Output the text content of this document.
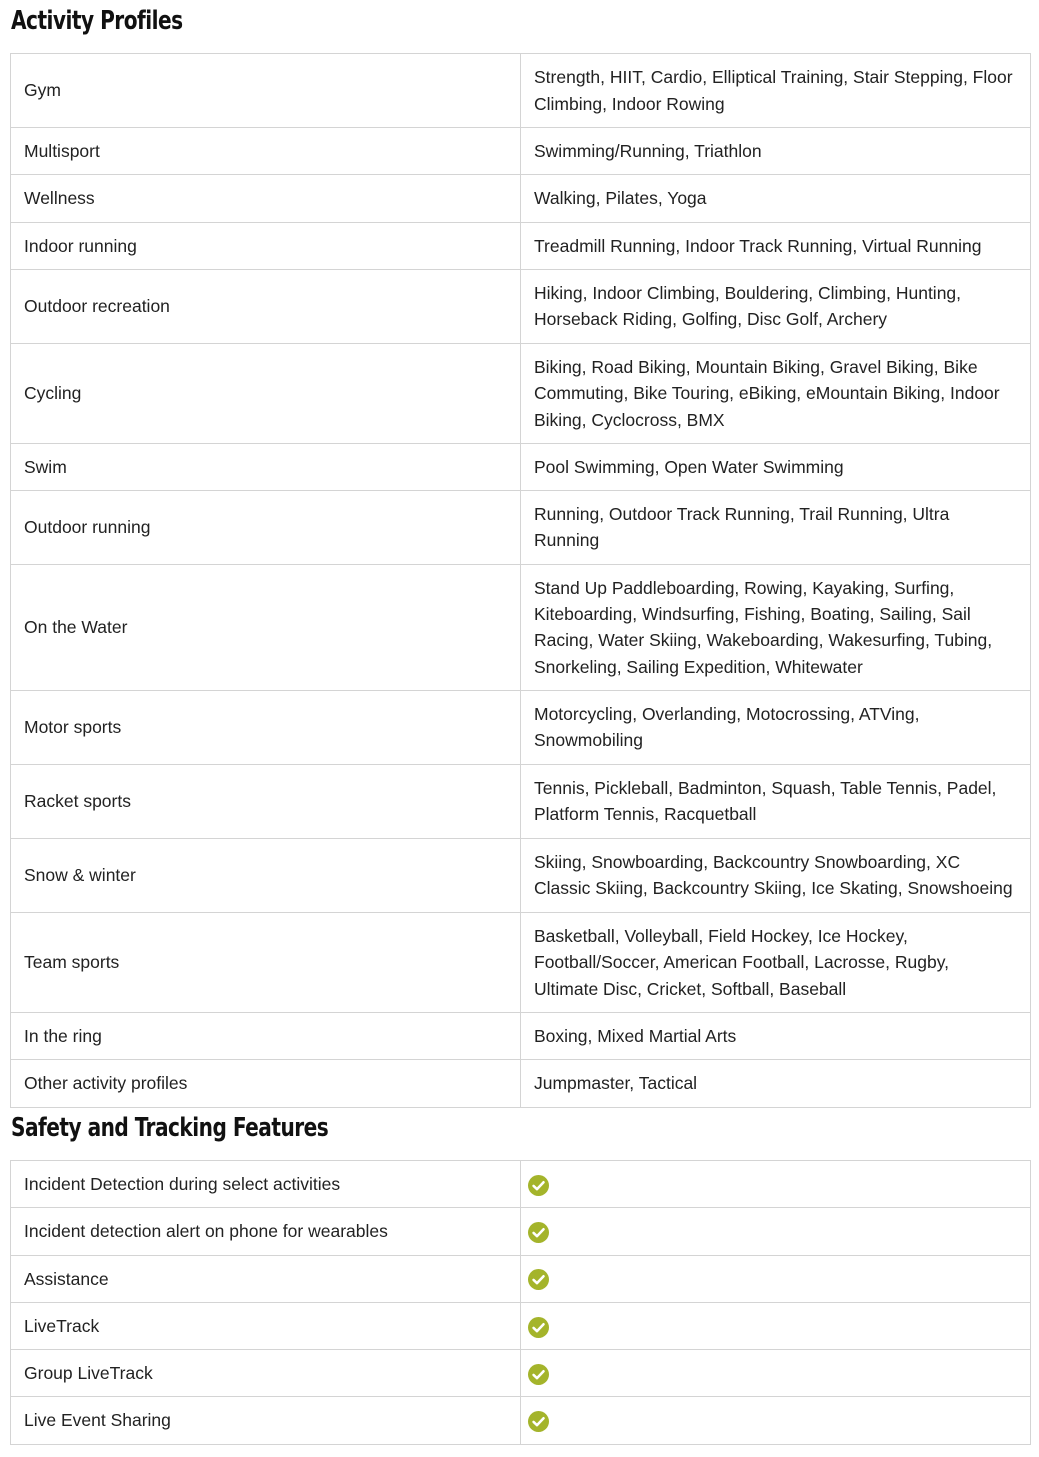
Activity Profiles
Gym	Strength, HIIT, Cardio, Elliptical Training, Stair Stepping, Floor Climbing, Indoor Rowing
Multisport	Swimming/Running, Triathlon
Wellness	Walking, Pilates, Yoga
Indoor running	Treadmill Running, Indoor Track Running, Virtual Running
Outdoor recreation	Hiking, Indoor Climbing, Bouldering, Climbing, Hunting, Horseback Riding, Golfing, Disc Golf, Archery
Cycling	Biking, Road Biking, Mountain Biking, Gravel Biking, Bike Commuting, Bike Touring, eBiking, eMountain Biking, Indoor Biking, Cyclocross, BMX
Swim	Pool Swimming, Open Water Swimming
Outdoor running	Running, Outdoor Track Running, Trail Running, Ultra Running
On the Water	Stand Up Paddleboarding, Rowing, Kayaking, Surfing, Kiteboarding, Windsurfing, Fishing, Boating, Sailing, Sail Racing, Water Skiing, Wakeboarding, Wakesurfing, Tubing, Snorkeling, Sailing Expedition, Whitewater
Motor sports	Motorcycling, Overlanding, Motocrossing, ATVing, Snowmobiling
Racket sports	Tennis, Pickleball, Badminton, Squash, Table Tennis, Padel, Platform Tennis, Racquetball
Snow & winter	Skiing, Snowboarding, Backcountry Snowboarding, XC Classic Skiing, Backcountry Skiing, Ice Skating, Snowshoeing
Team sports	Basketball, Volleyball, Field Hockey, Ice Hockey, Football/Soccer, American Football, Lacrosse, Rugby, Ultimate Disc, Cricket, Softball, Baseball
In the ring	Boxing, Mixed Martial Arts
Other activity profiles	Jumpmaster, Tactical
Safety and Tracking Features
Incident Detection during select activities	

Incident detection alert on phone for wearables	

Assistance	

LiveTrack	

Group LiveTrack	

Live Event Sharing	
